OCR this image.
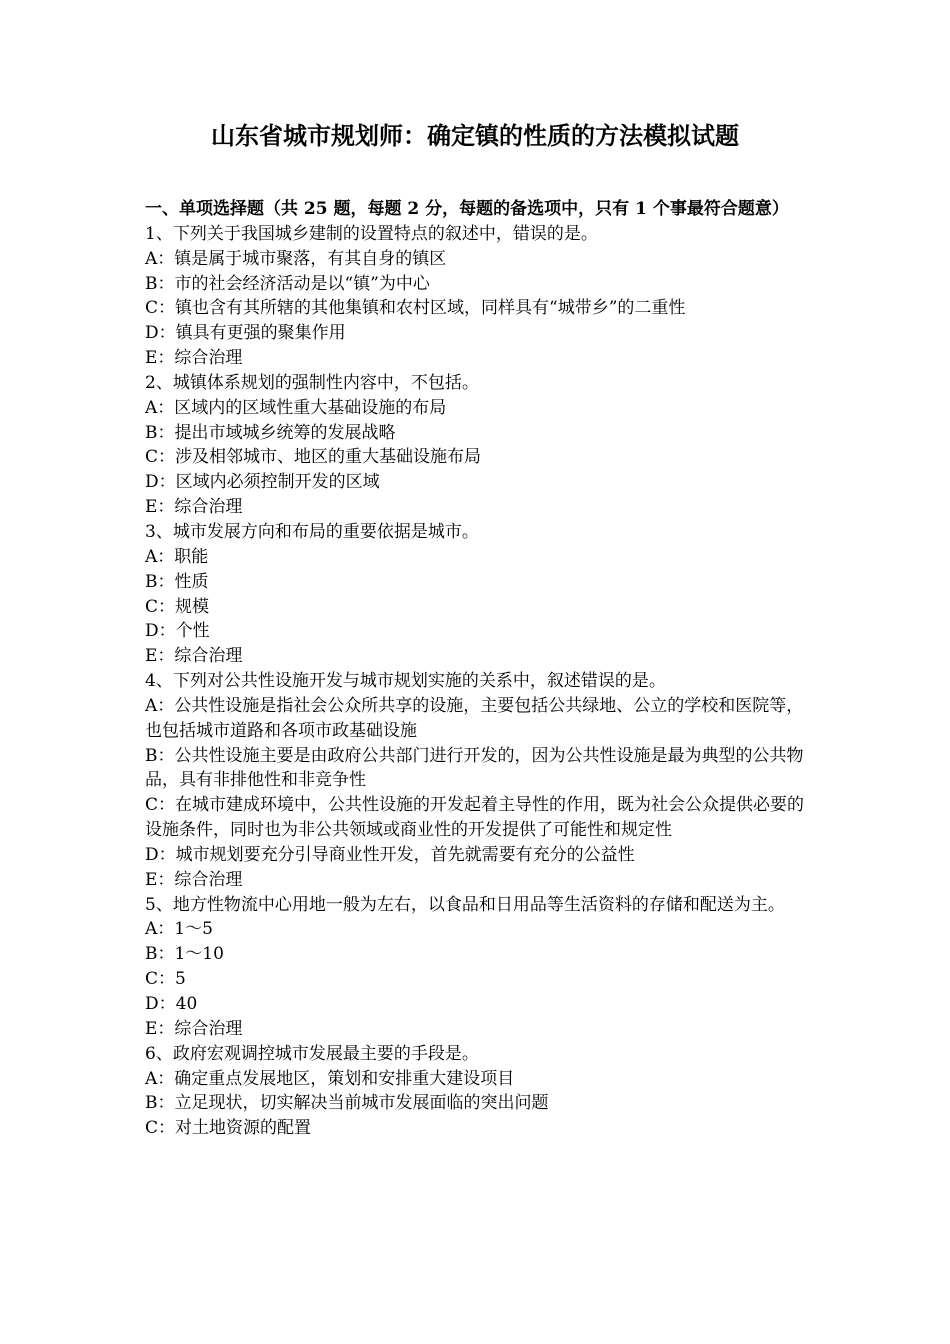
山东省城市规划师：确定镇的性质的方法模拟试题

一、单项选择题（共 25 题，每题 2 分，每题的备选项中，只有 1 个事最符合题意）

1、下列关于我国城乡建制的设置特点的叙述中，错误的是。

A：镇是属于城市聚落，有其自身的镇区

B：市的社会经济活动是以“镇”为中心

C：镇也含有其所辖的其他集镇和农村区域，同样具有“城带乡”的二重性

D：镇具有更强的聚集作用

E：综合治理

2、城镇体系规划的强制性内容中，不包括。

A：区域内的区域性重大基础设施的布局

B：提出市域城乡统筹的发展战略

C：涉及相邻城市、地区的重大基础设施布局

D：区域内必须控制开发的区域

E：综合治理

3、城市发展方向和布局的重要依据是城市。

A：职能

B：性质

C：规模

D：个性

E：综合治理

4、下列对公共性设施开发与城市规划实施的关系中，叙述错误的是。

A：公共性设施是指社会公众所共享的设施，主要包括公共绿地、公立的学校和医院等，也包括城市道路和各项市政基础设施

B：公共性设施主要是由政府公共部门进行开发的，因为公共性设施是最为典型的公共物品，具有非排他性和非竞争性

C：在城市建成环境中，公共性设施的开发起着主导性的作用，既为社会公众提供必要的设施条件，同时也为非公共领域或商业性的开发提供了可能性和规定性

D：城市规划要充分引导商业性开发，首先就需要有充分的公益性

E：综合治理

5、地方性物流中心用地一般为左右，以食品和日用品等生活资料的存储和配送为主。

A：1～5

B：1～10

C：5

D：40

E：综合治理

6、政府宏观调控城市发展最主要的手段是。

A：确定重点发展地区，策划和安排重大建设项目

B：立足现状，切实解决当前城市发展面临的突出问题

C：对土地资源的配置
